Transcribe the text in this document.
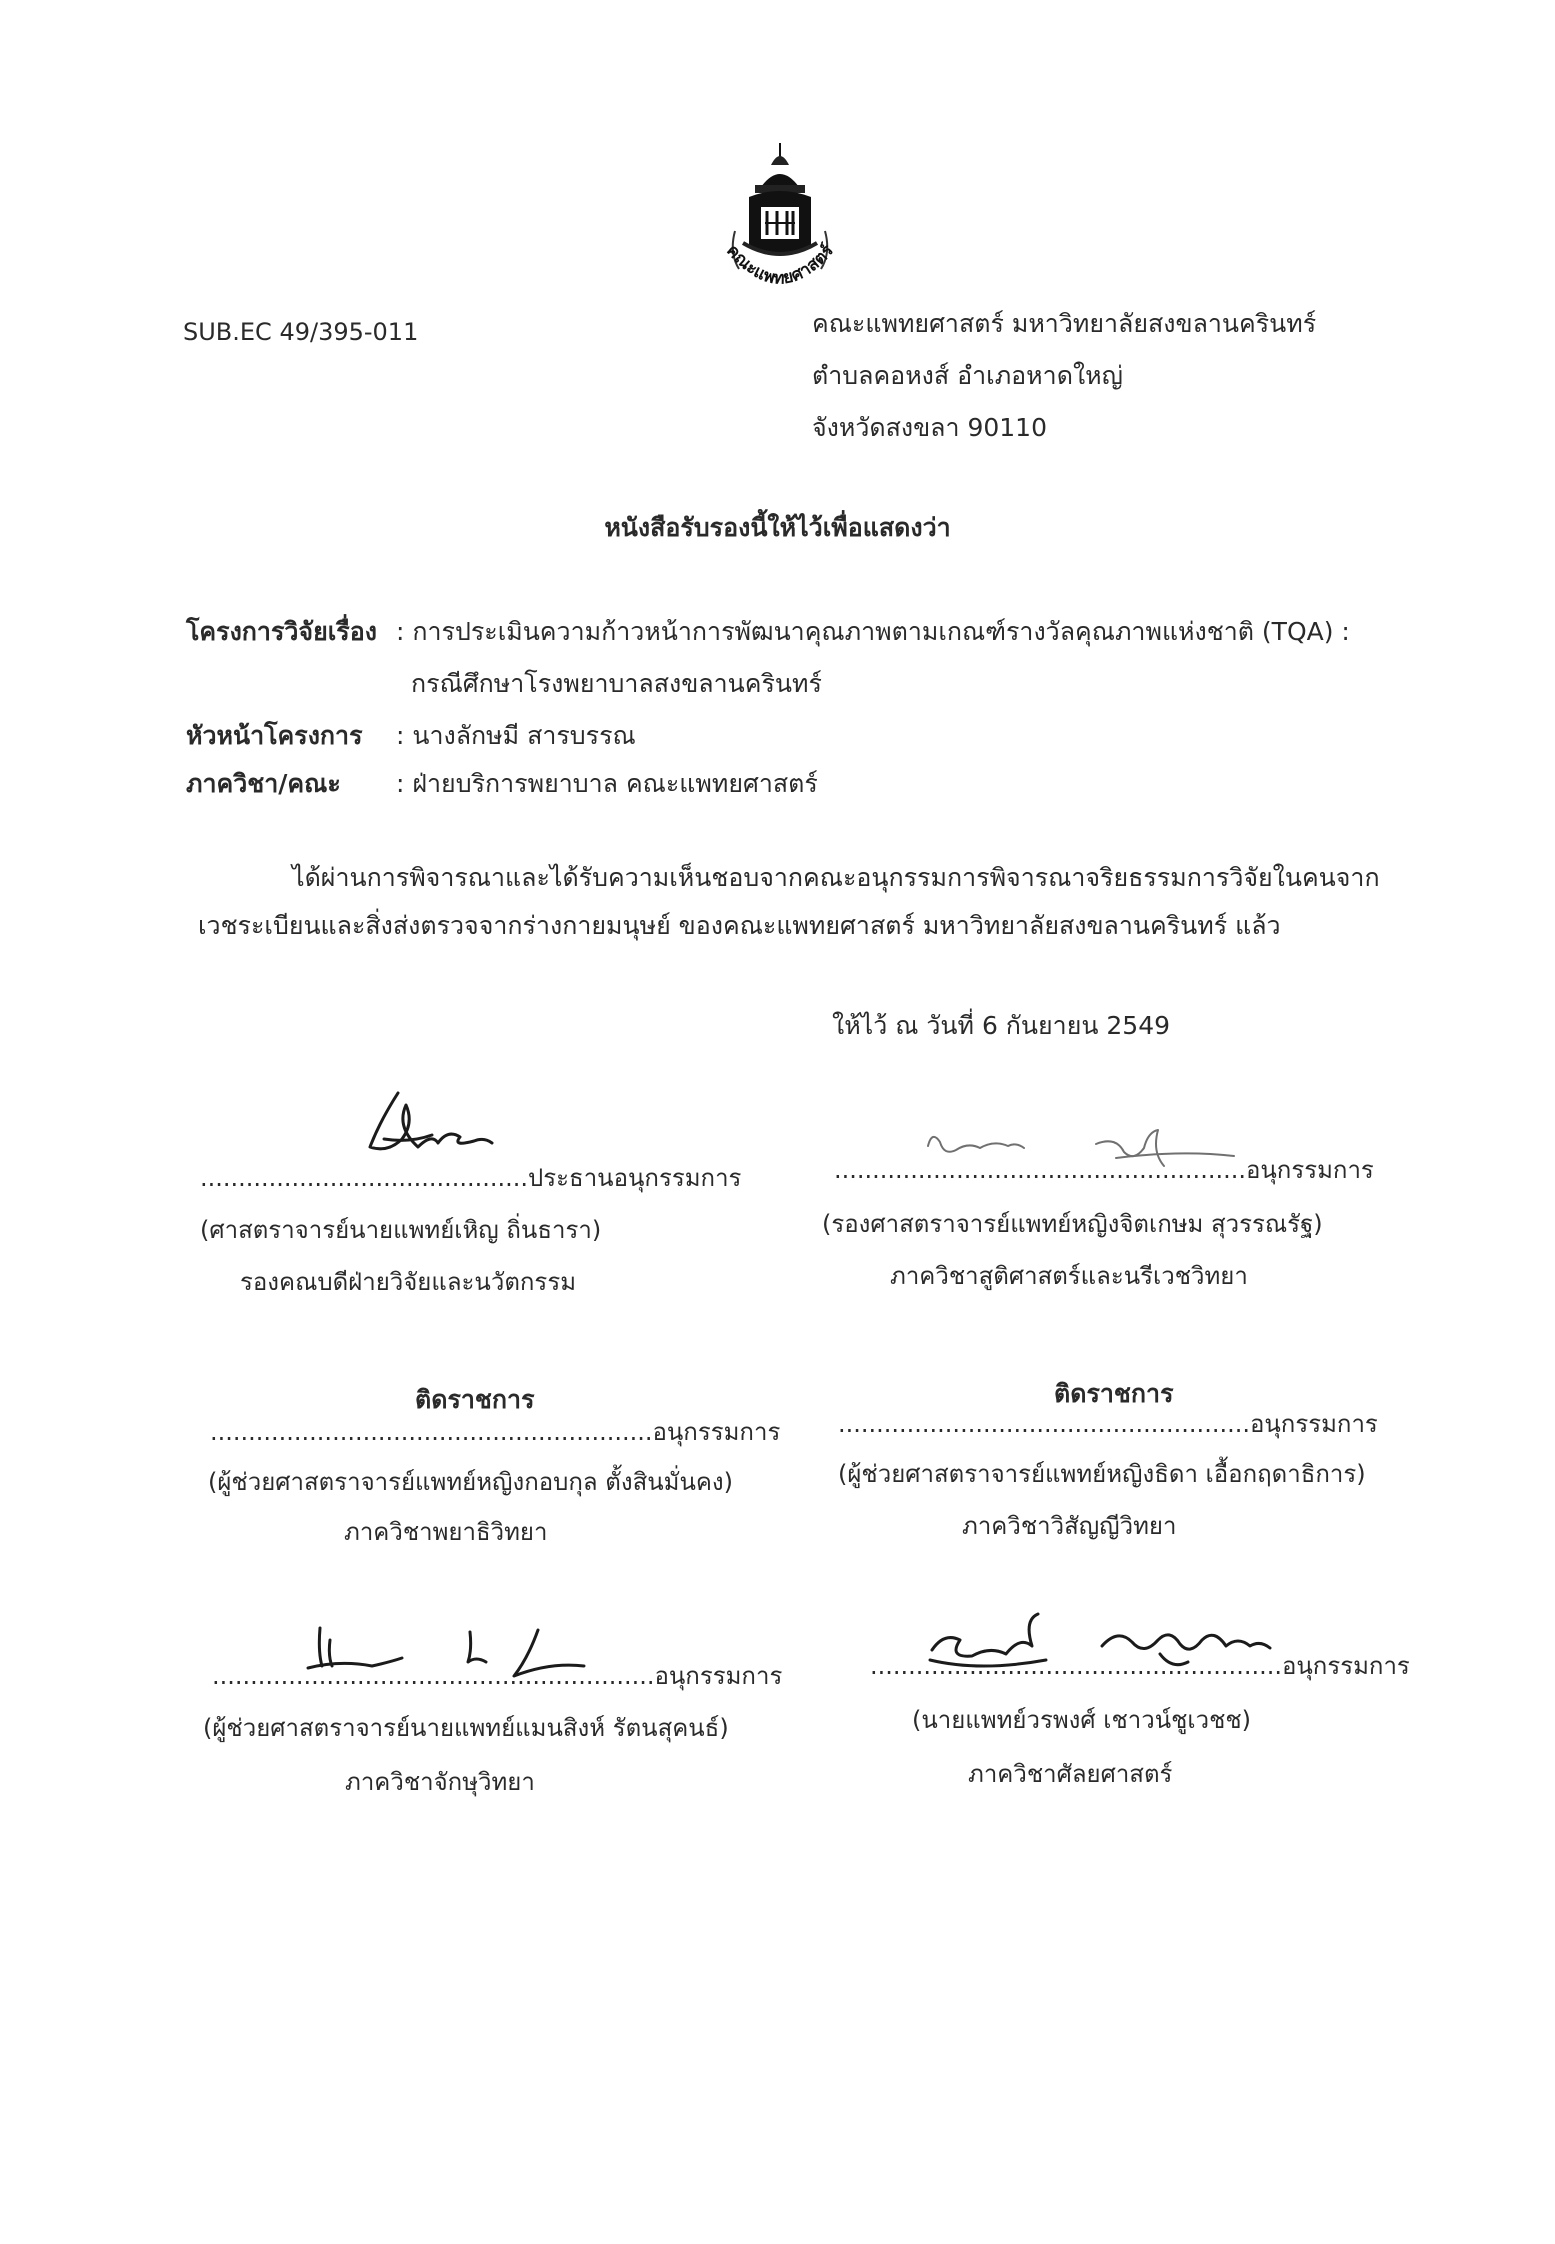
คณะแพทยศาสตร์
SUB.EC 49/395-011	คณะแพทยศาสตร์ มหาวิทยาลัยสงขลานครินทร์
ตำบลคอหงส์ อำเภอหาดใหญ่
จังหวัดสงขลา 90110
หนังสือรับรองนี้ให้ไว้เพื่อแสดงว่า
โครงการวิจัยเรื่อง : การประเมินความก้าวหน้าการพัฒนาคุณภาพตามเกณฑ์รางวัลคุณภาพแห่งชาติ (TQA) :
กรณีศึกษาโรงพยาบาลสงขลานครินทร์
หัวหน้าโครงการ : นางลักษมี สารบรรณ
ภาควิชา/คณะ : ฝ่ายบริการพยาบาล คณะแพทยศาสตร์
ได้ผ่านการพิจารณาและได้รับความเห็นชอบจากคณะอนุกรรมการพิจารณาจริยธรรมการวิจัยในคนจาก
เวชระเบียนและสิ่งส่งตรวจจากร่างกายมนุษย์ ของคณะแพทยศาสตร์ มหาวิทยาลัยสงขลานครินทร์ แล้ว
ให้ไว้ ณ วันที่ 6 กันยายน 2549
...........................................ประธานอนุกรรมการ
(ศาสตราจารย์นายแพทย์เหิญ ถิ่นธารา)
รองคณบดีฝ่ายวิจัยและนวัตกรรม
......................................................อนุกรรมการ
(รองศาสตราจารย์แพทย์หญิงจิตเกษม สุวรรณรัฐ)
ภาควิชาสูติศาสตร์และนรีเวชวิทยา
ติดราชการ
..........................................................อนุกรรมการ
(ผู้ช่วยศาสตราจารย์แพทย์หญิงกอบกุล ตั้งสินมั่นคง)
ภาควิชาพยาธิวิทยา
ติดราชการ
......................................................อนุกรรมการ
(ผู้ช่วยศาสตราจารย์แพทย์หญิงธิดา เอื้อกฤดาธิการ)
ภาควิชาวิสัญญีวิทยา
..........................................................อนุกรรมการ
(ผู้ช่วยศาสตราจารย์นายแพทย์แมนสิงห์ รัตนสุคนธ์)
ภาควิชาจักษุวิทยา
......................................................อนุกรรมการ
(นายแพทย์วรพงศ์ เชาวน์ชูเวชช)
ภาควิชาศัลยศาสตร์
